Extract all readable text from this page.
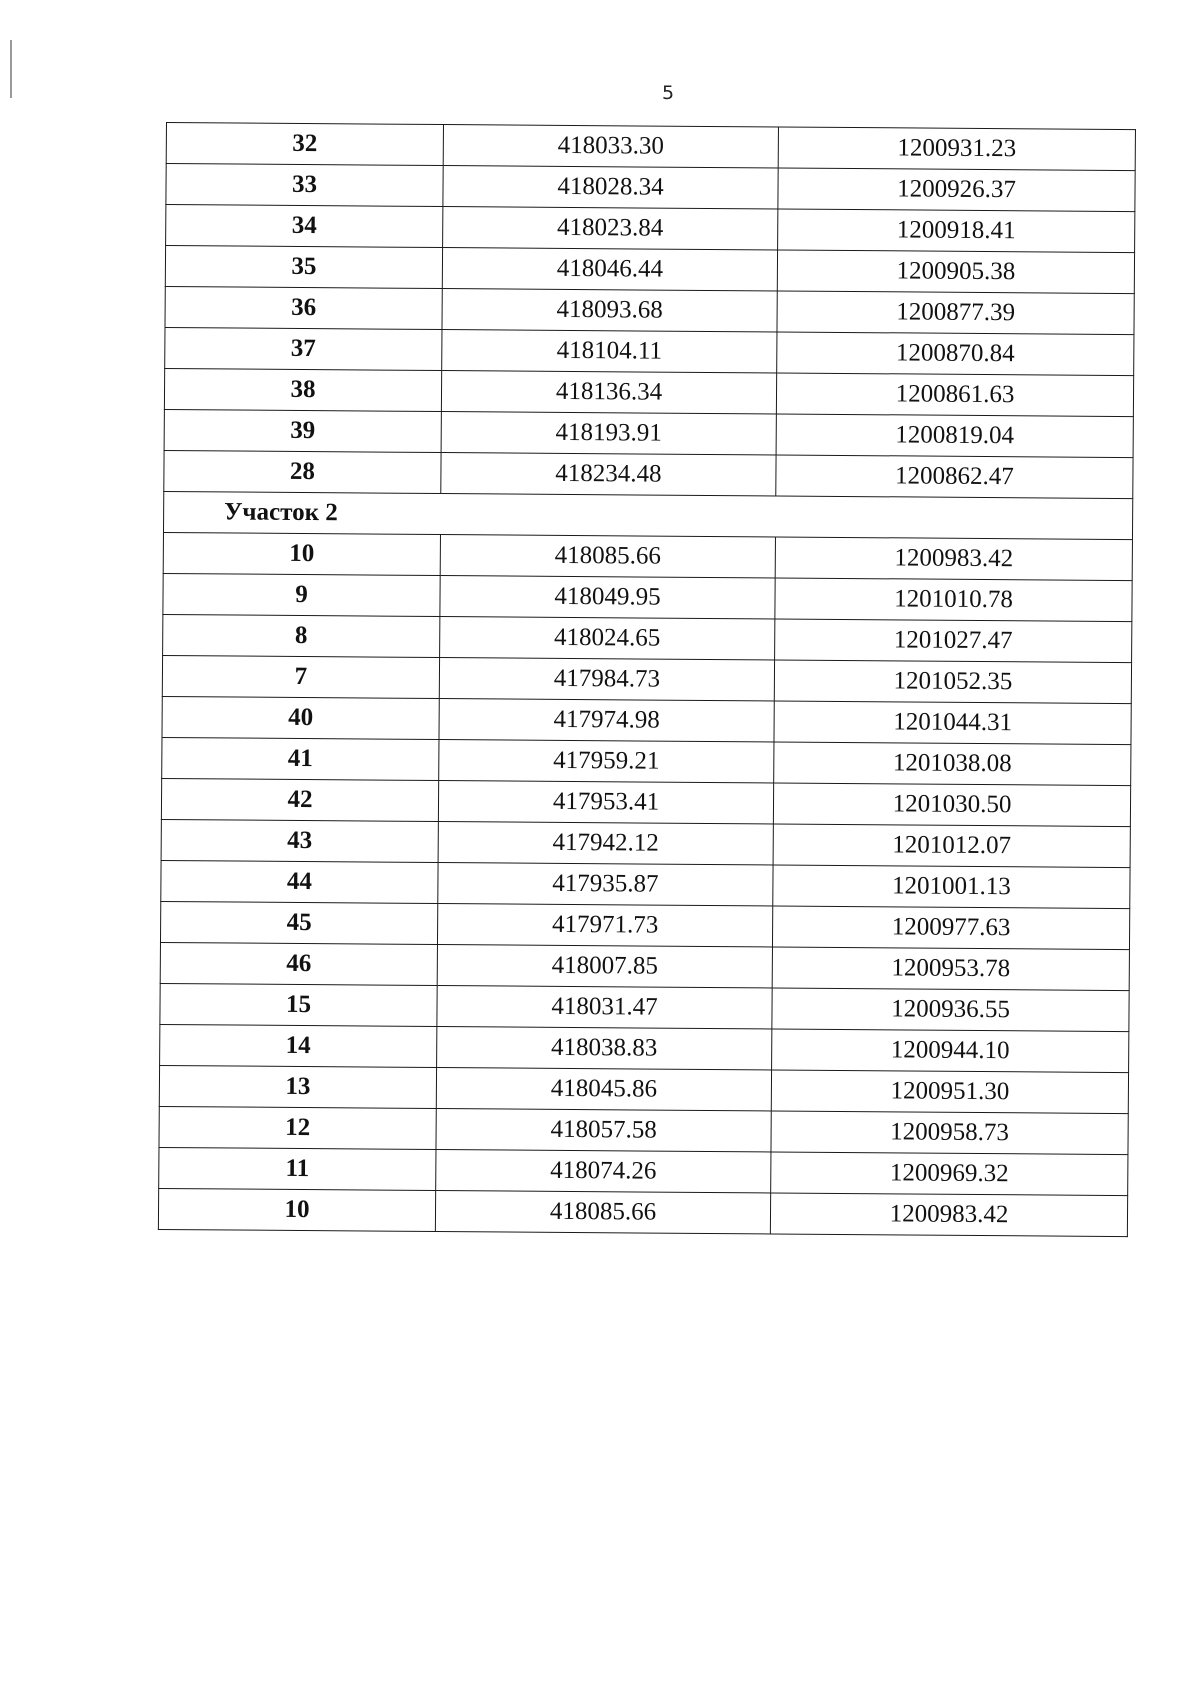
5
32	418033.30	1200931.23
33	418028.34	1200926.37
34	418023.84	1200918.41
35	418046.44	1200905.38
36	418093.68	1200877.39
37	418104.11	1200870.84
38	418136.34	1200861.63
39	418193.91	1200819.04
28	418234.48	1200862.47
Участок 2		
10	418085.66	1200983.42
9	418049.95	1201010.78
8	418024.65	1201027.47
7	417984.73	1201052.35
40	417974.98	1201044.31
41	417959.21	1201038.08
42	417953.41	1201030.50
43	417942.12	1201012.07
44	417935.87	1201001.13
45	417971.73	1200977.63
46	418007.85	1200953.78
15	418031.47	1200936.55
14	418038.83	1200944.10
13	418045.86	1200951.30
12	418057.58	1200958.73
11	418074.26	1200969.32
10	418085.66	1200983.42
